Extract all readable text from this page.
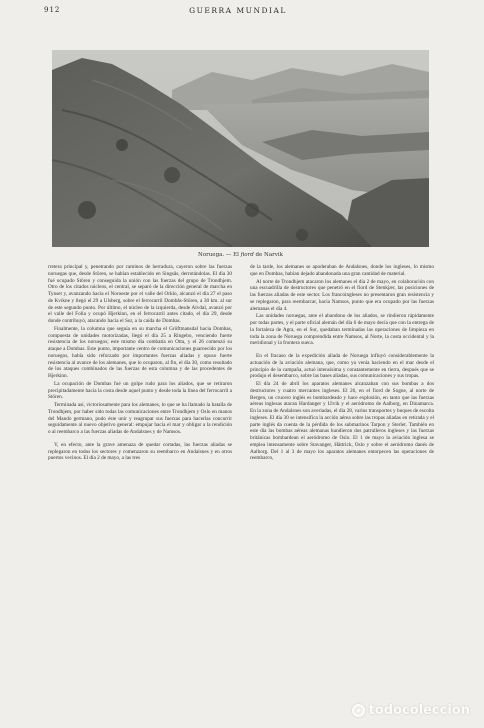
912	GUERRA MUNDIAL
Noruega. — El fiord de Narvik

rretera principal y, penetrando por caminos de herradura, cayeron sobre las fuerzas noruegas que, desde Stören, se habían establecido en Singsås, derrotándolas. El día 30 fué ocupado Stören y conseguida la unión con las fuerzas del grupo de Trondhjem. Otro de los citados núcleos, el central, se separó de la dirección general de marcha en Tynset y, avanzando hacia el Noroeste por el valle del Orklo, alcanzó el día 27 el paso de Kvikne y llegó el 29 a Ulsberg, sobre el ferrocarril Dombås-Stören, a 30 km. al sur de este segundo punto. Por último, el núcleo de la izquierda, desde Alvdal, avanzó por el valle del Folla y ocupó Hjerkinn, en el ferrocarril antes citado, el día 29, desde donde contribuyó, atacando hacia el Sur, a la caída de Dombas.

Finalmente, la columna que seguía en su marcha el Gröftmansdal hacia Dombas, compuesta de unidades motorizadas, llegó el día 25 a Ringebo, venciendo fuerte resistencia de los noruegos; este mismo día combatía en Otta, y el 26 comenzó su ataque a Dombas. Este punto, importante centro de comunicaciones guarnecido por los noruegos, había sido reforzado por importantes fuerzas aliadas y opuso fuerte resistencia al avance de los alemanes, que lo ocuparon, al fin, el día 30, como resultado de los ataques combinados de las fuerzas de esta columna y de las procedentes de Hjerkinn.

La ocupación de Dombas fué un golpe rudo para los aliados, que se retiraron precipitadamente hacia la costa desde aquel punto y desde toda la línea del ferrocarril a Stören.

Terminada así, victoriosamente para los alemanes, lo que se ha llamado la batalla de Trondhjem, por haber sido todas las comunicaciones entre Trondhjem y Oslo en manos del Mando germano, pudo éste unir y reagrupar sus fuerzas para hacerlas concurrir seguidamente al nuevo objetivo general: empujar hacia el mar y obligar a la rendición o al reembarco a las fuerzas aliadas de Andalsnes y de Namsos.

Y, en efecto, ante la grave amenaza de quedar cortadas, las fuerzas aliadas se replegaron en todos los sectores y comenzaron su reembarco en Andalsnes y en otros puertos vecinos. El día 2 de mayo, a las tres

de la tarde, los alemanes se apoderaban de Andalsnes, donde los ingleses, lo mismo que en Dombas, habían dejado abandonada una gran cantidad de material.

Al norte de Trondhjem atacaron los alemanes el día 2 de mayo, en colaboración con una escuadrilla de destructores que penetró en el fiord de Stenkjær, las posiciones de las fuerzas aliadas de este sector. Los francoingleses no presentaron gran resistencia y se replegaron, para reembarcar, hacia Namsos, punto que era ocupado por las fuerzas alemanas el día 4.

Las unidades noruegas, ante el abandono de los aliados, se rindieron rápidamente por todas partes, y el parte oficial alemán del día 6 de mayo decía que con la entrega de la fortaleza de Agra, en el Sur, quedaban terminadas las operaciones de limpieza en toda la zona de Noruega comprendida entre Namsos, al Norte, la costa occidental y la meridional y la frontera sueca.

En el fracaso de la expedición aliada de Noruega influyó considerablemente la actuación de la aviación alemana, que, como ya venía haciendo en el mar desde el principio de la campaña, actuó intensísima y constantemente en tierra, después que se produjo el desembarco, sobre las bases aliadas, sus comunicaciones y sus tropas.

El día 24 de abril los aparatos alemanes alcanzaban con sus bombas a dos destructores y cuatro mercantes ingleses. El 26, en el fiord de Sogne, al norte de Bergen, un crucero inglés es bombardeado y hace explosión, en tanto que las fuerzas aéreas inglesas atacan Hardanger y Ulvik y el aeródromo de Aalborg, en Dinamarca. En la zona de Andalsnes son averiadas, el día 28, varios transportes y buques de escolta ingleses. El día 30 se intensifica la acción aérea sobre las tropas aliadas en retirada y el parte inglés da cuenta de la pérdida de los submarinos Tarpon y Sterlet. También en este día las bombas aéreas alemanas hundieron dos patrulleros ingleses y las fuerzas británicas bombardean el aeródromo de Oslo. El 1 de mayo la aviación inglesa se emplea intensamente sobre Stavanger, Hättrick, Oslo y sobre el aeródromo danés de Aalborg. Del 1 al 3 de mayo los aparatos alemanes entorpecen las operaciones de reembarco,

todocoleccion
